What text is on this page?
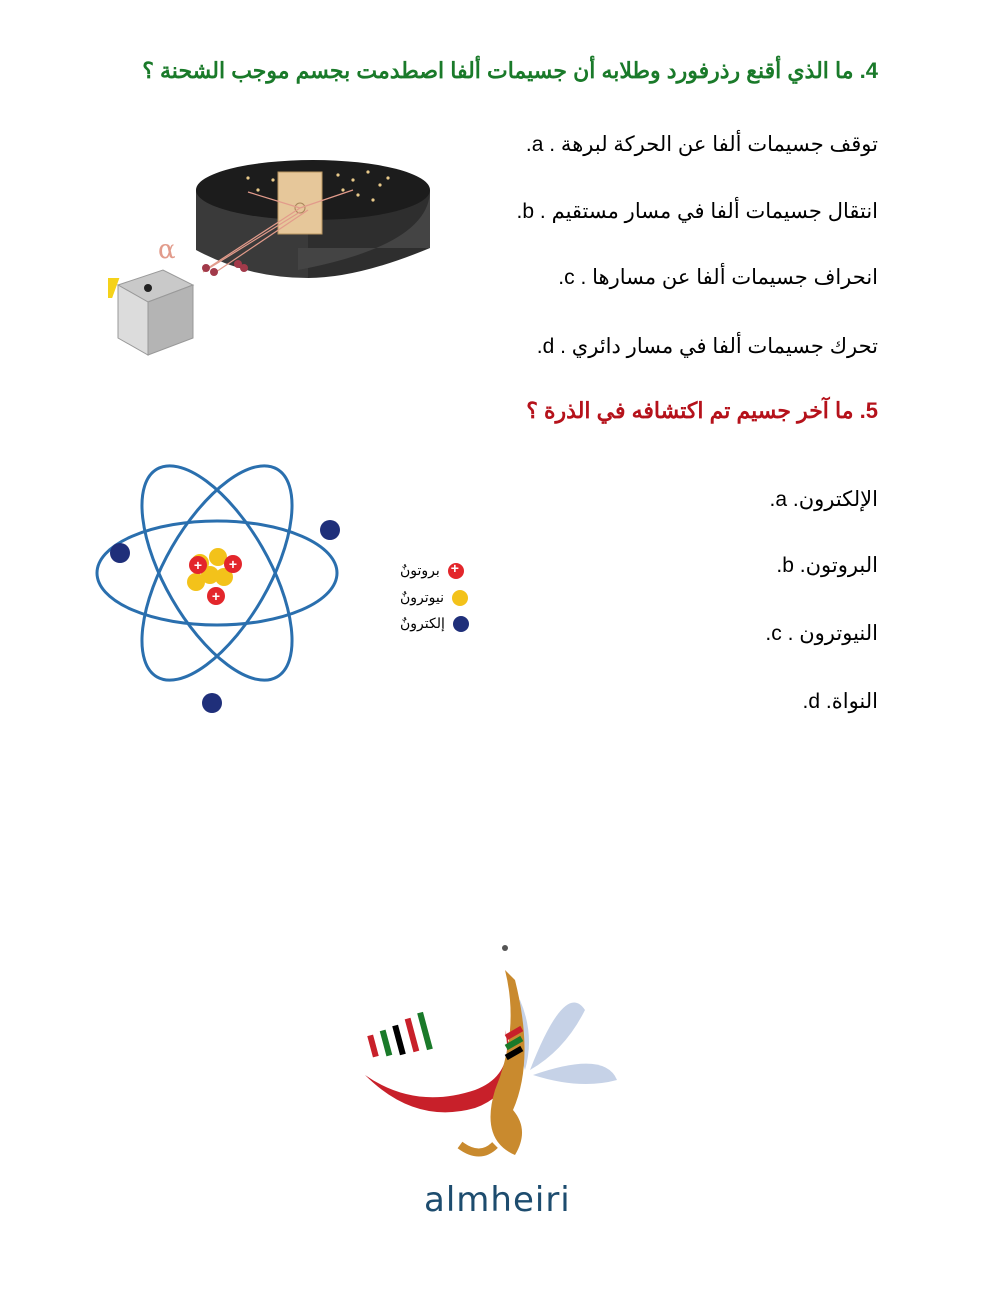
4. ما الذي أقنع رذرفورد وطلابه أن جسيمات ألفا اصطدمت بجسم موجب الشحنة ؟
توقف جسيمات ألفا عن الحركة لبرهة . a.
انتقال جسيمات ألفا في مسار مستقيم . b.
انحراف جسيمات ألفا عن مسارها . c.
تحرك جسيمات ألفا في مسار دائري . d.
α
5. ما آخر جسيم تم اكتشافه في الذرة ؟
الإلكترون. a.
البروتون. b.
النيوترون . c.
النواة. d.
+ +
+
+
بروتونٌ
نيوترونٌ
إلكترونٌ
almheiri
